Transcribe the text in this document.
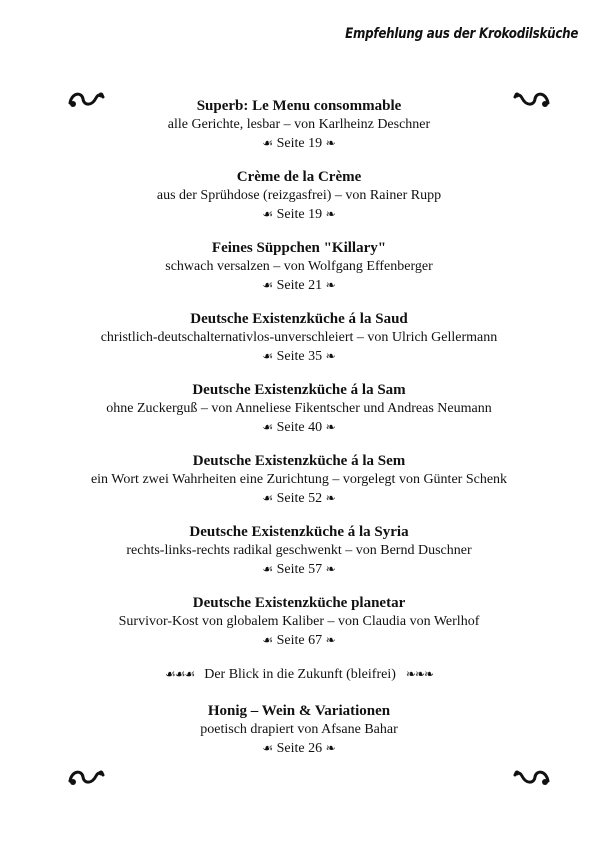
Empfehlung aus der Krokodilsküche
Superb: Le Menu consommable
alle Gerichte, lesbar – von Karlheinz Deschner
☙ Seite 19 ❧
Crème de la Crème
aus der Sprühdose (reizgasfrei) – von Rainer Rupp
☙ Seite 19 ❧
Feines Süppchen "Killary"
schwach versalzen – von Wolfgang Effenberger
☙ Seite 21 ❧
Deutsche Existenzküche á la Saud
christlich-deutschalternativlos-unverschleiert – von Ulrich Gellermann
☙ Seite 35 ❧
Deutsche Existenzküche á la Sam
ohne Zuckerguß – von Anneliese Fikentscher und Andreas Neumann
☙ Seite 40 ❧
Deutsche Existenzküche á la Sem
ein Wort zwei Wahrheiten eine Zurichtung – vorgelegt von Günter Schenk
☙ Seite 52 ❧
Deutsche Existenzküche á la Syria
rechts-links-rechts radikal geschwenkt – von Bernd Duschner
☙ Seite 57 ❧
Deutsche Existenzküche planetar
Survivor-Kost von globalem Kaliber – von Claudia von Werlhof
☙ Seite 67 ❧
☙☙☙ Der Blick in die Zukunft (bleifrei) ❧❧❧
Honig – Wein & Variationen
poetisch drapiert von Afsane Bahar
☙ Seite 26 ❧
